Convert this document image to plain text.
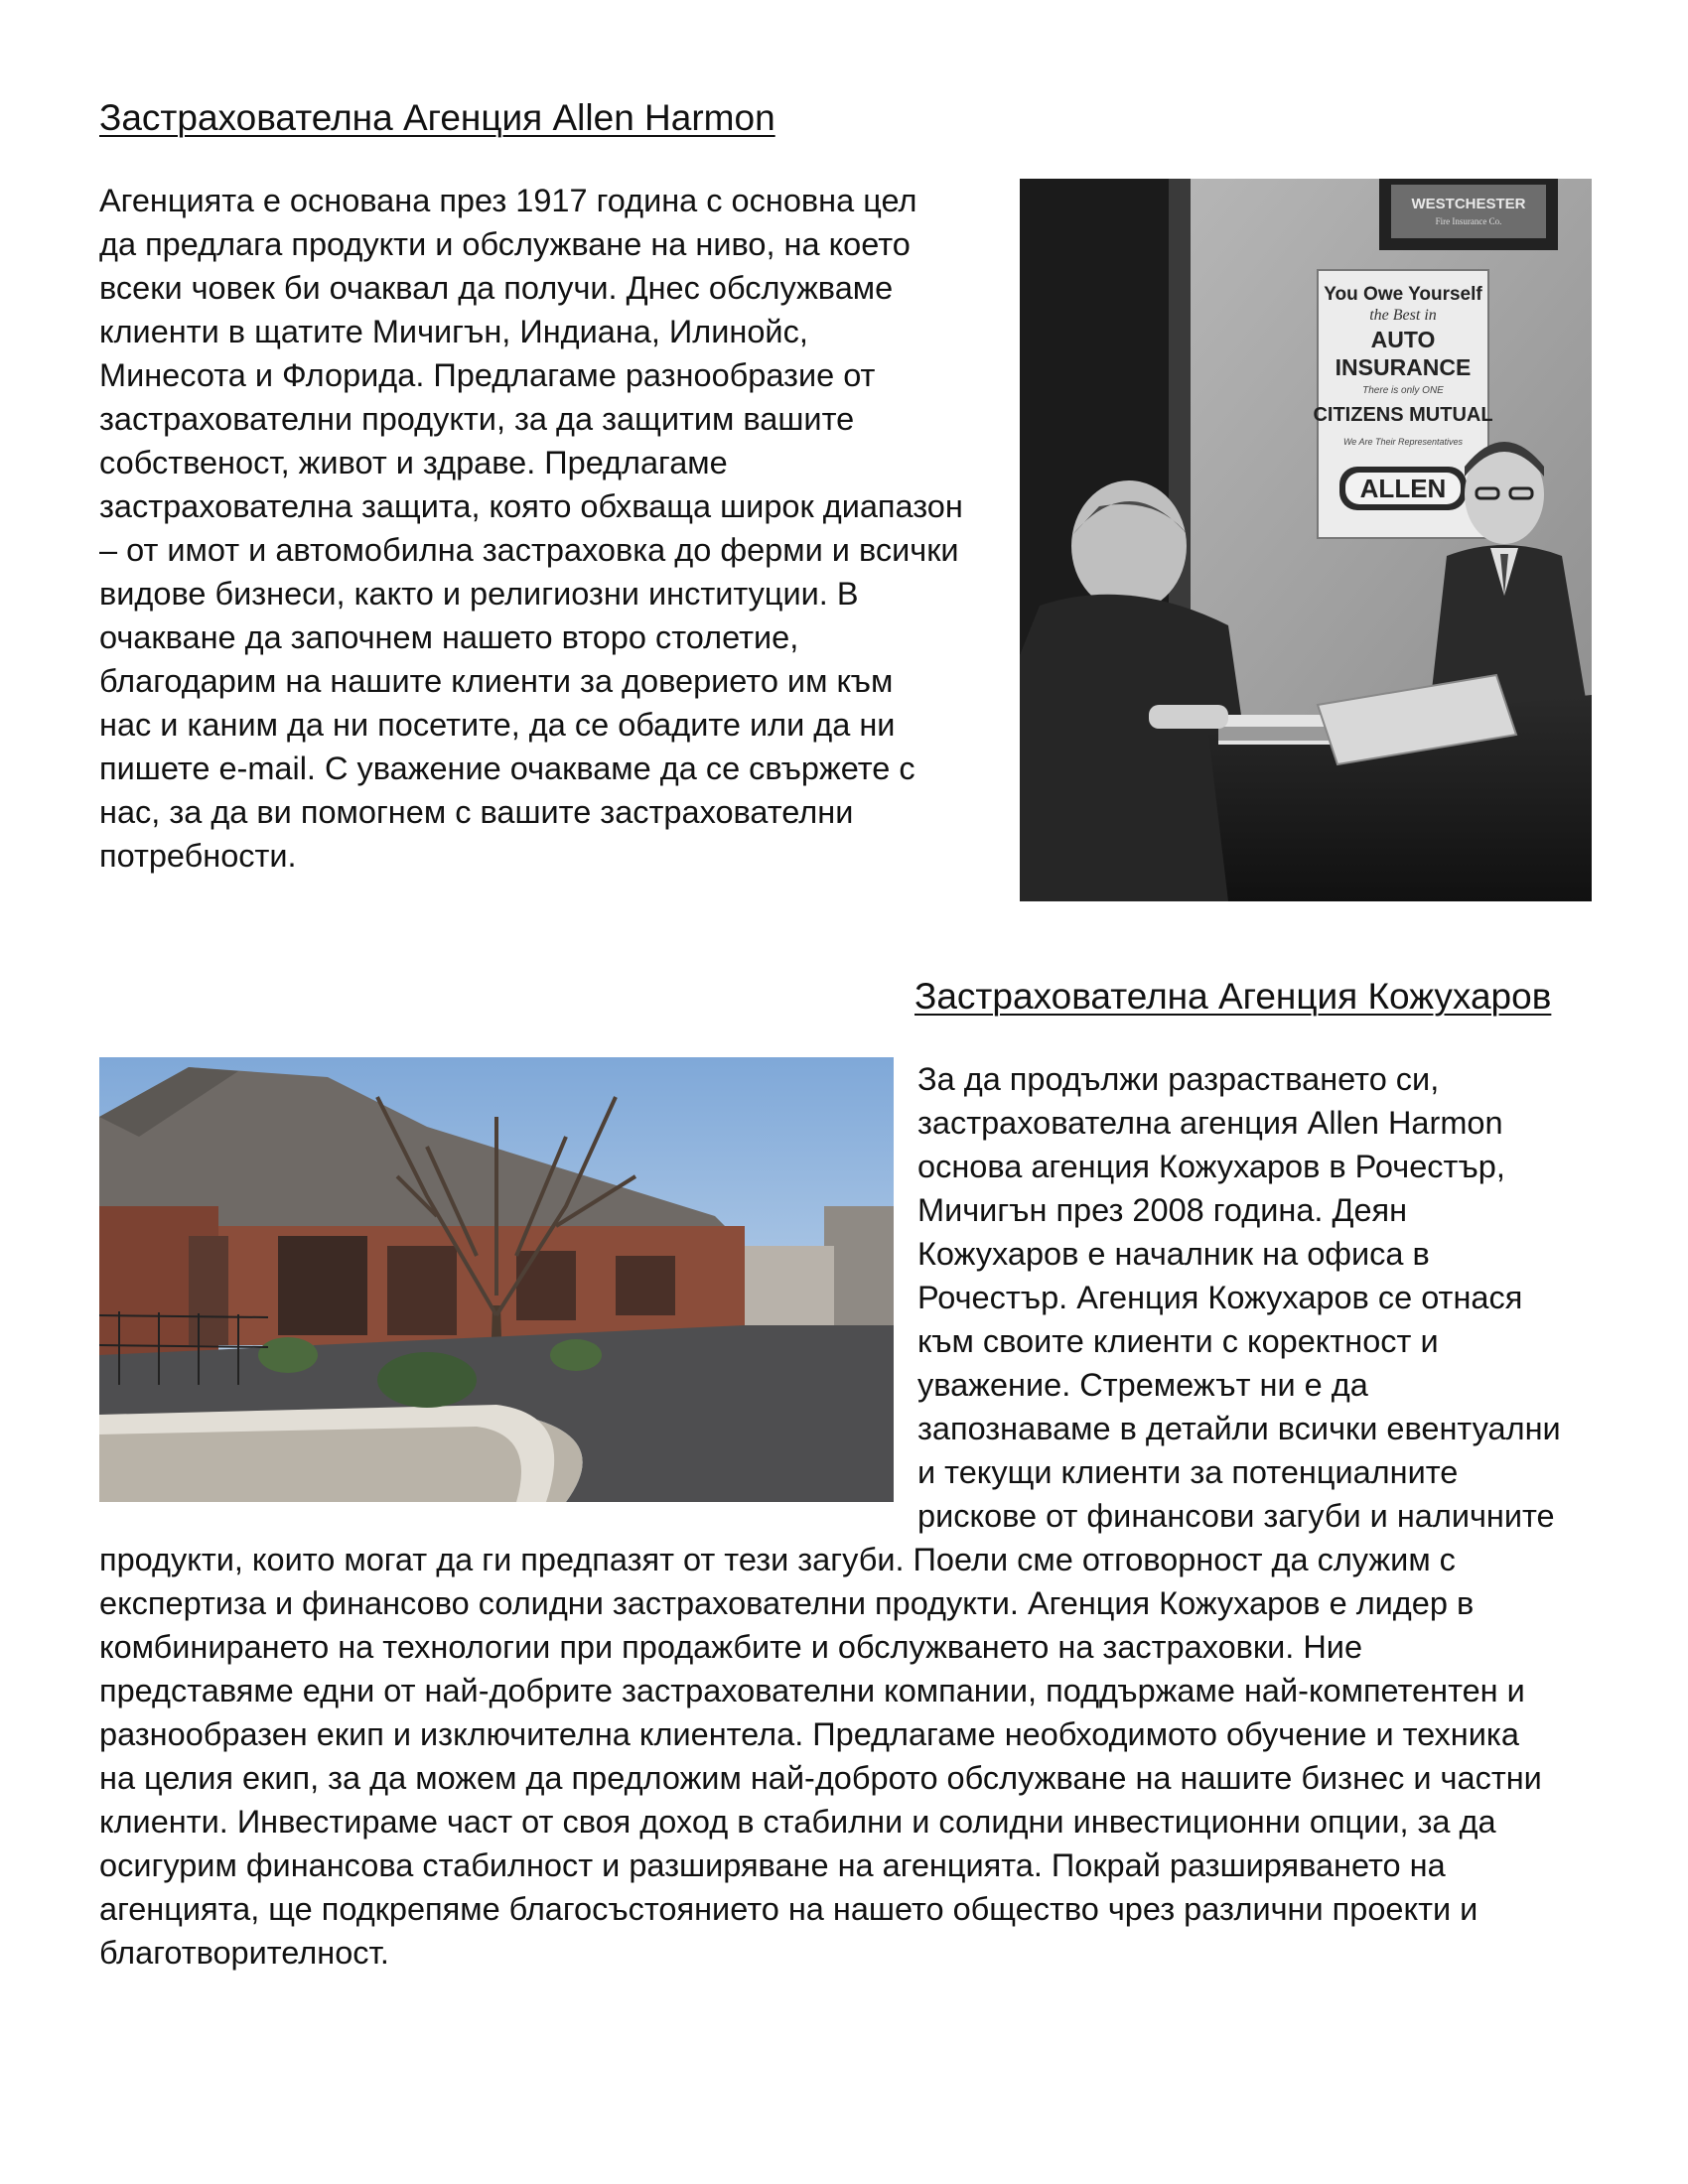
Застрахователна Агенция Allen Harmon
Агенцията е основана през 1917 година с основна цел
да предлага продукти и обслужване на ниво, на което
всеки човек би очаквал да получи. Днес обслужваме
клиенти в щатите Мичигън, Индиана, Илинойс,
Минесота и Флорида. Предлагаме разнообразие от
застрахователни продукти, за да защитим вашите
собственост, живот и здраве. Предлагаме
застрахователна защита, която обхваща широк диапазон
– от имот и автомобилна застраховка до ферми и всички
видове бизнеси, както и религиозни институции. В
очакване да започнем нашето второ столетие,
благодарим на нашите клиенти за доверието им към
нас и каним да ни посетите, да се обадите или да ни
пишете e-mail. С уважение очакваме да се свържете с
нас, за да ви помогнем с вашите застрахователни
потребности.
WESTCHESTER
Fire Insurance Co.
You Owe Yourself
the Best in
AUTO
INSURANCE
There is only ONE
CITIZENS MUTUAL
We Are Their Representatives
ALLEN
Застрахователна Агенция Кожухаров
За да продължи разрастването си,
застрахователна агенция Allen Harmon
основа агенция Кожухаров в Рочестър,
Мичигън през 2008 година. Деян
Кожухаров е началник на офиса в
Рочестър. Агенция Кожухаров се отнася
към своите клиенти с коректност и
уважение. Стремежът ни е да
запознаваме в детайли всички евентуални
и текущи клиенти за потенциалните
рискове от финансови загуби и наличните
продукти, които могат да ги предпазят от тези загуби. Поели сме отговорност да служим с
експертиза и финансово солидни застрахователни продукти. Агенция Кожухаров е лидер в
комбинирането на технологии при продажбите и обслужването на застраховки. Ние
представяме едни от най-добрите застрахователни компании, поддържаме най-компетентен и
разнообразен екип и изключителна клиентела. Предлагаме необходимото обучение и техника
на целия екип, за да можем да предложим най-доброто обслужване на нашите бизнес и частни
клиенти. Инвестираме част от своя доход в стабилни и солидни инвестиционни опции, за да
осигурим финансова стабилност и разширяване на агенцията. Покрай разширяването на
агенцията, ще подкрепяме благосъстоянието на нашето общество чрез различни проекти и
благотворителност.
